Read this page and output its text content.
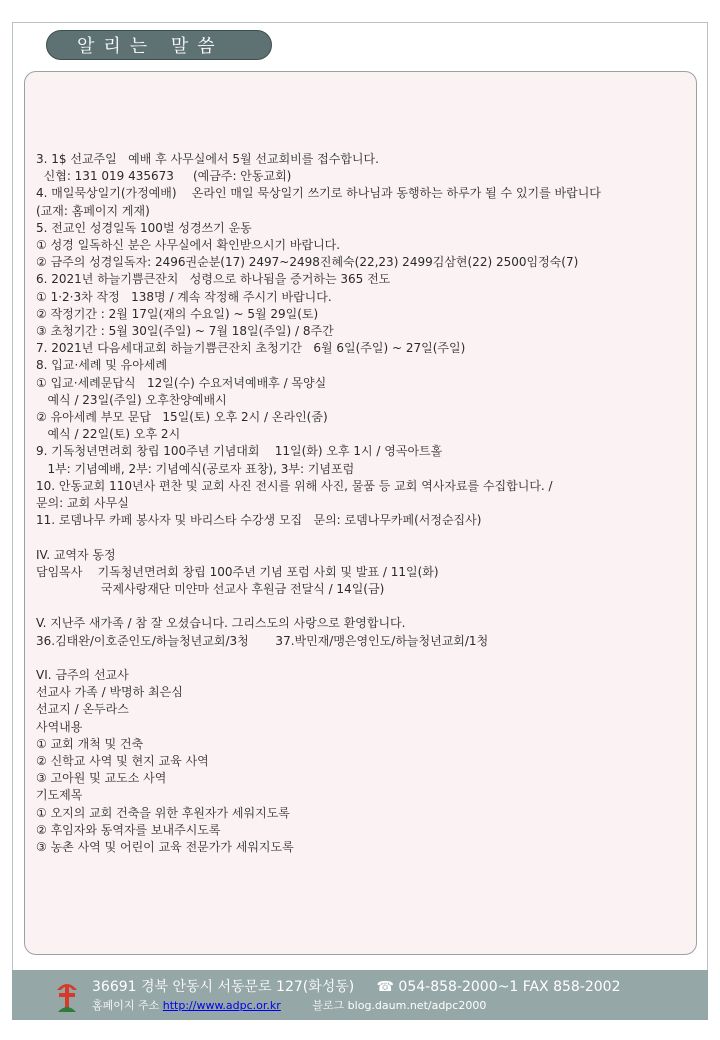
알리는 말씀
3. 1$ 선교주일   예배 후 사무실에서 5월 선교회비를 접수합니다.
신협: 131 019 435673     (예금주: 안동교회)
4. 매일묵상일기(가정예배)    온라인 매일 묵상일기 쓰기로 하나님과 동행하는 하루가 될 수 있기를 바랍니다
(교재: 홈페이지 게재)
5. 전교인 성경일독 100벌 성경쓰기 운동
① 성경 일독하신 분은 사무실에서 확인받으시기 바랍니다.
② 금주의 성경일독자: 2496권순분(17) 2497~2498진혜숙(22,23) 2499김삼현(22) 2500임정숙(7)
6. 2021년 하늘기쁨큰잔치   성령으로 하나됨을 증거하는 365 전도
① 1·2·3차 작정   138명 / 계속 작정해 주시기 바랍니다.
② 작정기간 : 2월 17일(재의 수요일) ~ 5월 29일(토)
③ 초청기간 : 5월 30일(주일) ~ 7월 18일(주일) / 8주간
7. 2021년 다음세대교회 하늘기쁨큰잔치 초청기간   6월 6일(주일) ~ 27일(주일)
8. 입교·세례 및 유아세례
① 입교·세례문답식   12일(수) 수요저녁예배후 / 목양실
예식 / 23일(주일) 오후찬양예배시
② 유아세례 부모 문답   15일(토) 오후 2시 / 온라인(줌)
예식 / 22일(토) 오후 2시
9. 기독청년면려회 창립 100주년 기념대회    11일(화) 오후 1시 / 영곡아트홀
1부: 기념예배, 2부: 기념예식(공로자 표창), 3부: 기념포럼
10. 안동교회 110년사 편찬 및 교회 사진 전시를 위해 사진, 물품 등 교회 역사자료를 수집합니다. /
문의: 교회 사무실
11. 로뎀나무 카페 봉사자 및 바리스타 수강생 모집   문의: 로뎀나무카페(서정순집사)
IV. 교역자 동정
담임목사    기독청년면려회 창립 100주년 기념 포럼 사회 및 발표 / 11일(화)
국제사랑재단 미얀마 선교사 후원금 전달식 / 14일(금)
V. 지난주 새가족 / 참 잘 오셨습니다. 그리스도의 사랑으로 환영합니다.
36.김태완/이호준인도/하늘청년교회/3청       37.박민재/맹은영인도/하늘청년교회/1청
VI. 금주의 선교사
선교사 가족 / 박명하 최은심
선교지 / 온두라스
사역내용
① 교회 개척 및 건축
② 신학교 사역 및 현지 교육 사역
③ 고아원 및 교도소 사역
기도제목
① 오지의 교회 건축을 위한 후원자가 세워지도록
② 후임자와 동역자를 보내주시도록
③ 농촌 사역 및 어린이 교육 전문가가 세워지도록
36691 경북 안동시 서동문로 127(화성동) ☎ 054-858-2000~1 FAX 858-2002
홈페이지 주소 http://www.adpc.or.kr	블로그 blog.daum.net/adpc2000
